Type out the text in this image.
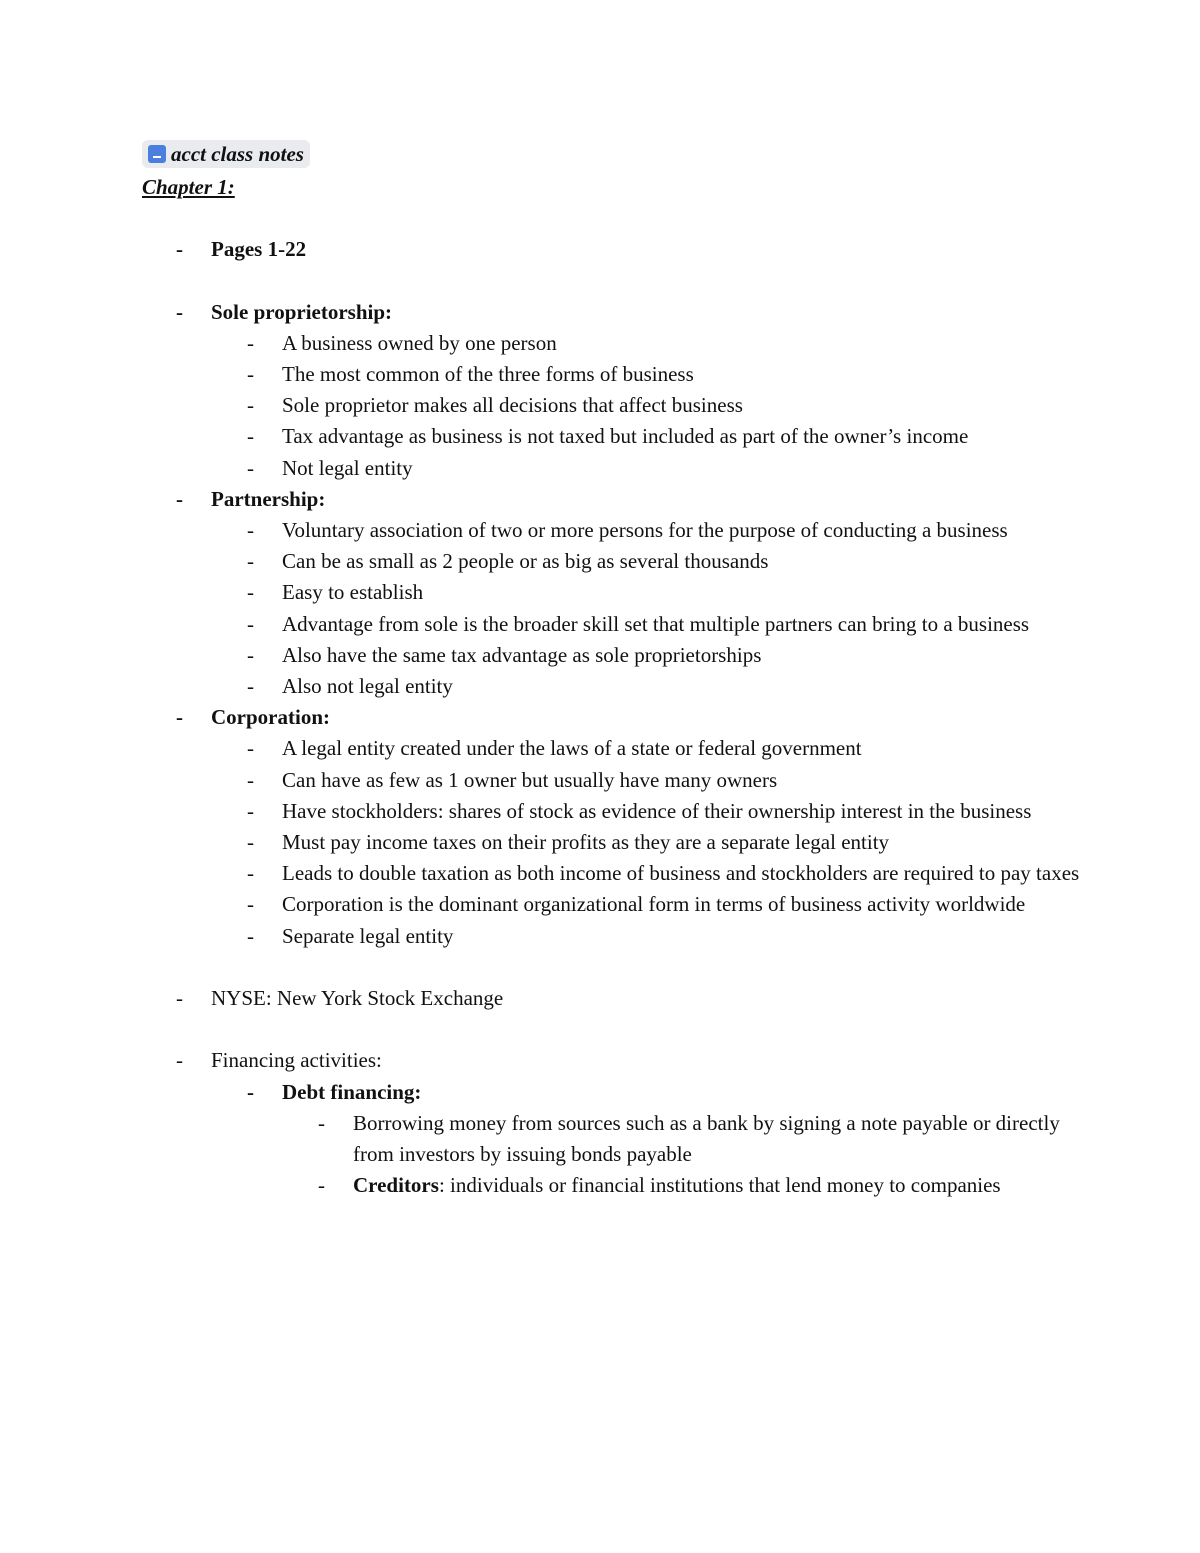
acct class notes
Chapter 1:
- Pages 1-22
- Sole proprietorship:
- A business owned by one person
- The most common of the three forms of business
- Sole proprietor makes all decisions that affect business
- Tax advantage as business is not taxed but included as part of the owner’s income
- Not legal entity
- Partnership:
- Voluntary association of two or more persons for the purpose of conducting a business
- Can be as small as 2 people or as big as several thousands
- Easy to establish
- Advantage from sole is the broader skill set that multiple partners can bring to a business
- Also have the same tax advantage as sole proprietorships
- Also not legal entity
- Corporation:
- A legal entity created under the laws of a state or federal government
- Can have as few as 1 owner but usually have many owners
- Have stockholders: shares of stock as evidence of their ownership interest in the business
- Must pay income taxes on their profits as they are a separate legal entity
- Leads to double taxation as both income of business and stockholders are required to pay taxes
- Corporation is the dominant organizational form in terms of business activity worldwide
- Separate legal entity
- NYSE: New York Stock Exchange
- Financing activities:
- Debt financing:
- Borrowing money from sources such as a bank by signing a note payable or directly from investors by issuing bonds payable
- Creditors: individuals or financial institutions that lend money to companies
